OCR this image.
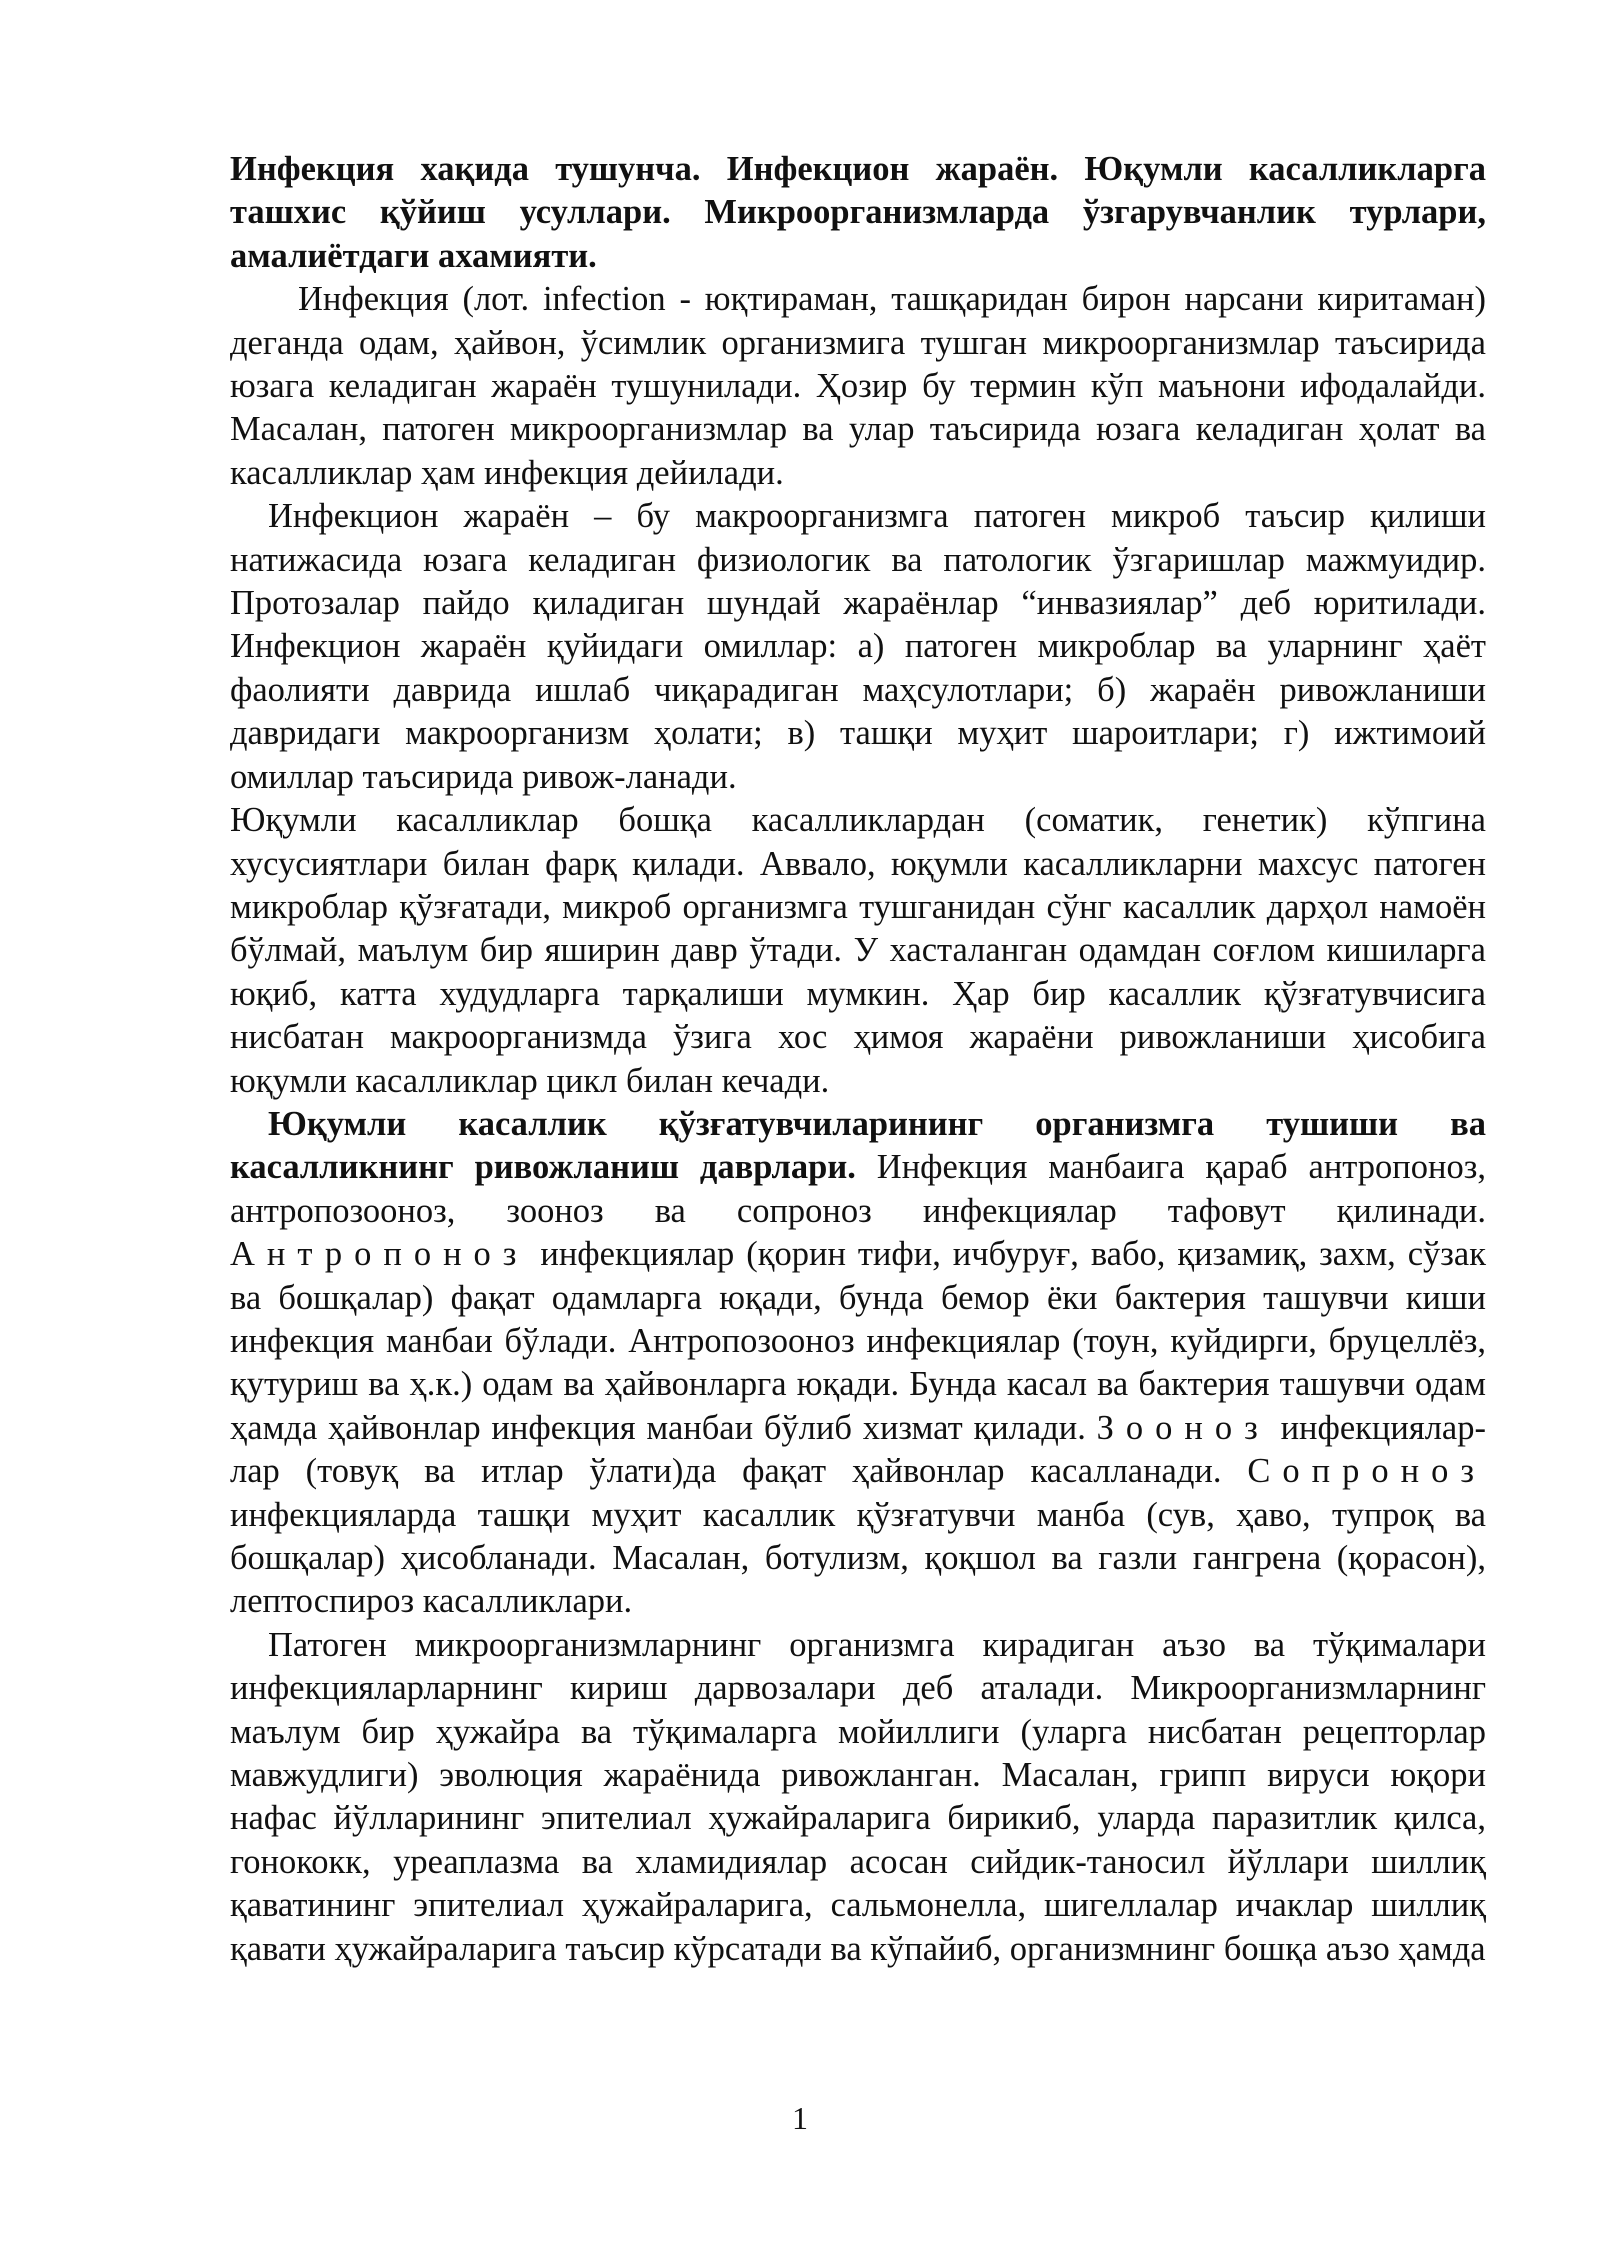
Инфекция хақида тушунча. Инфекцион жараён. Юқумли касалликларга ташхис қўйиш усуллари. Микроорганизмларда ўзгарувчанлик турлари, амалиётдаги ахамияти.

Инфекция (лот. infection - юқтираман, ташқаридан бирон нарсани киритаман) деганда одам, ҳайвон, ўсимлик организмига тушган микроорганизмлар таъсирида юзага келадиган жараён тушунилади. Ҳозир бу термин кўп маънони ифодалайди. Масалан, патоген микроорганизмлар ва улар таъсирида юзага келадиган ҳолат ва касалликлар ҳам инфекция дейилади.

Инфекцион жараён – бу макроорганизмга патоген микроб таъсир қилиши натижасида юзага келадиган физиологик ва патологик ўзгаришлар мажмуидир. Протозалар пайдо қиладиган шундай жараёнлар “инвазиялар” деб юритилади. Инфекцион жараён қуйидаги омиллар: а) патоген микроблар ва уларнинг ҳаёт фаолияти даврида ишлаб чиқарадиган маҳсулотлари; б) жараён ривожланиши давридаги макроорганизм ҳолати; в) ташқи муҳит шароитлари; г) ижтимоий омиллар таъсирида ривож-ланади.

Юқумли касалликлар бошқа касалликлардан (соматик, генетик) кўпгина хусусиятлари билан фарқ қилади. Аввало, юқумли касалликларни махсус патоген микроблар қўзғатади, микроб организмга тушганидан сўнг касаллик дарҳол намоён бўлмай, маълум бир яширин давр ўтади. У хасталанган одамдан соғлом кишиларга юқиб, катта худудларга тарқалиши мумкин. Ҳар бир касаллик қўзғатувчисига нисбатан макроорганизмда ўзига хос ҳимоя жараёни ривожланиши ҳисобига юқумли касалликлар цикл билан кечади.

Юқумли касаллик қўзғатувчиларининг организмга тушиши ва касалликнинг ривожланиш даврлари. Инфекция манбаига қараб антропоноз, антропозооноз, зооноз ва сопроноз инфекциялар тафовут қилинади. Антропоноз инфекциялар (қорин тифи, ичбуруғ, вабо, қизамиқ, захм, сўзак ва бошқалар) фақат одамларга юқади, бунда бемор ёки бактерия ташувчи киши инфекция манбаи бўлади. Антропозооноз инфекциялар (тоун, куйдирги, бруцеллёз, қутуриш ва ҳ.к.) одам ва ҳайвонларга юқади. Бунда касал ва бактерия ташувчи одам ҳамда ҳайвонлар инфекция манбаи бўлиб хизмат қилади. Зооноз инфекцияларлар (товуқ ва итлар ўлати)да фақат ҳайвонлар касалланади. Сопроноз инфекцияларда ташқи муҳит касаллик қўзғатувчи манба (сув, ҳаво, тупроқ ва бошқалар) ҳисобланади. Масалан, ботулизм, қоқшол ва газли гангрена (қорасон), лептоспироз касалликлари.

Патоген микроорганизмларнинг организмга кирадиган аъзо ва тўқималари инфекцияларларнинг кириш дарвозалари деб аталади. Микроорганизмларнинг маълум бир ҳужайра ва тўқималарга мойиллиги (уларга нисбатан рецепторлар мавжудлиги) эволюция жараёнида ривожланган. Масалан, грипп вируси юқори нафас йўлларининг эпителиал ҳужайраларига бирикиб, уларда паразитлик қилса, гонококк, уреаплазма ва хламидиялар асосан сийдик-таносил йўллари шиллиқ қаватининг эпителиал ҳужайраларига, сальмонелла, шигеллалар ичаклар шиллиқ қавати ҳужайраларига таъсир кўрсатади ва кўпайиб, организмнинг бошқа аъзо ҳамда

1
